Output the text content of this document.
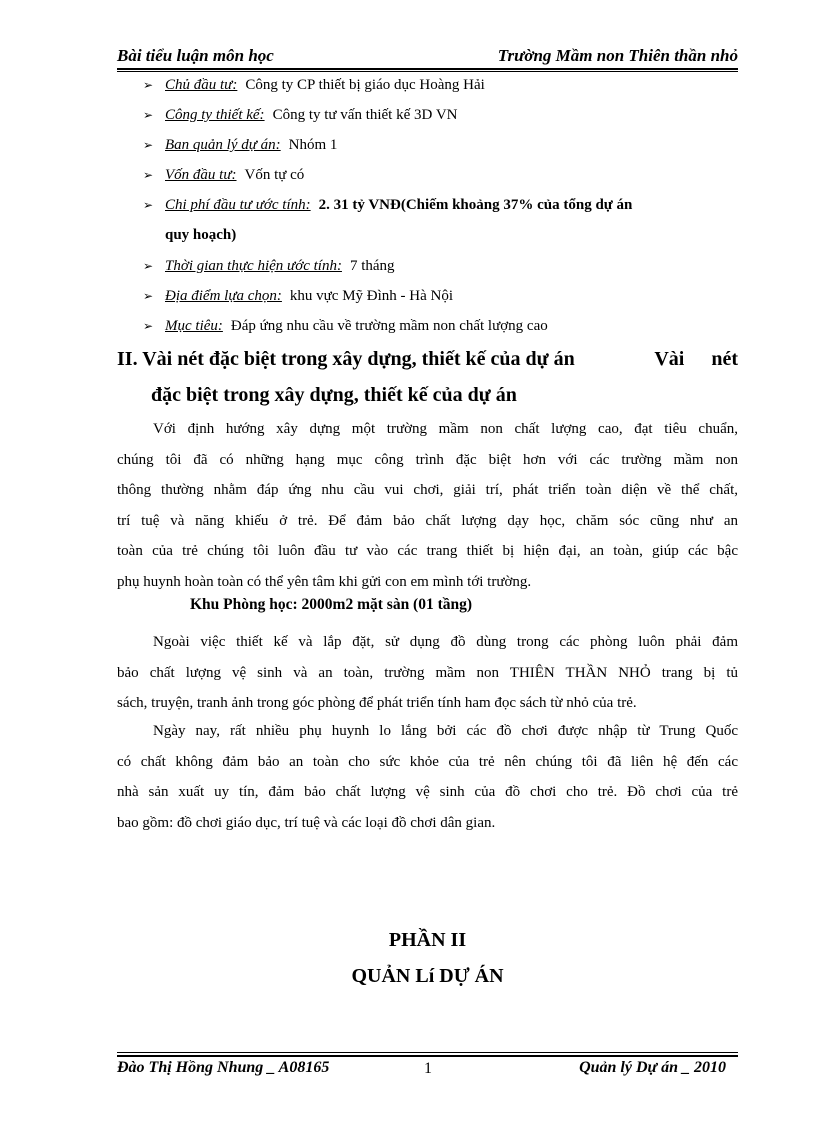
Bài tiểu luận môn học	Trường Mầm non Thiên thần nhỏ
➢ Chủ đầu tư: Công ty CP thiết bị giáo dục Hoàng Hải
➢ Công ty thiết kế: Công ty tư vấn thiết kế 3D VN
➢ Ban quản lý dự án: Nhóm 1
➢ Vốn đầu tư: Vốn tự có
➢ Chi phí đầu tư ước tính: 2. 31 tỷ VNĐ(Chiếm khoảng 37% của tổng dự án
quy hoạch)
➢ Thời gian thực hiện ước tính: 7 tháng
➢ Địa điểm lựa chọn: khu vực Mỹ Đình - Hà Nội
➢ Mục tiêu: Đáp ứng nhu cầu về trường mầm non chất lượng cao
II. Vài nét đặc biệt trong xây dựng, thiết kế của dự án	Vài nét
đặc biệt trong xây dựng, thiết kế của dự án
Với định hướng xây dựng một trường mầm non chất lượng cao, đạt tiêu chuẩn,
chúng tôi đã có những hạng mục công trình đặc biệt hơn với các trường mầm non
thông thường nhằm đáp ứng nhu cầu vui chơi, giải trí, phát triển toàn diện về thể chất,
trí tuệ và năng khiếu ở trẻ. Để đảm bảo chất lượng dạy học, chăm sóc cũng như an
toàn của trẻ chúng tôi luôn đầu tư vào các trang thiết bị hiện đại, an toàn, giúp các bậc
phụ huynh hoàn toàn có thể yên tâm khi gửi con em mình tới trường.
Khu Phòng học: 2000m2 mặt sàn (01 tầng)
Ngoài việc thiết kế và lắp đặt, sử dụng đồ dùng trong các phòng luôn phải đảm
bảo chất lượng vệ sinh và an toàn, trường mầm non THIÊN THẦN NHỎ trang bị tủ
sách, truyện, tranh ảnh trong góc phòng để phát triển tính ham đọc sách từ nhỏ của trẻ.
Ngày nay, rất nhiều phụ huynh lo lắng bởi các đồ chơi được nhập từ Trung Quốc
có chất không đảm bảo an toàn cho sức khỏe của trẻ nên chúng tôi đã liên hệ đến các
nhà sản xuất uy tín, đảm bảo chất lượng vệ sinh của đồ chơi cho trẻ. Đồ chơi của trẻ
bao gồm: đồ chơi giáo dục, trí tuệ và các loại đồ chơi dân gian.
PHẦN II
QUẢN Lí DỰ ÁN
Đào Thị Hồng Nhung _ A08165	1	Quản lý Dự án _ 2010
